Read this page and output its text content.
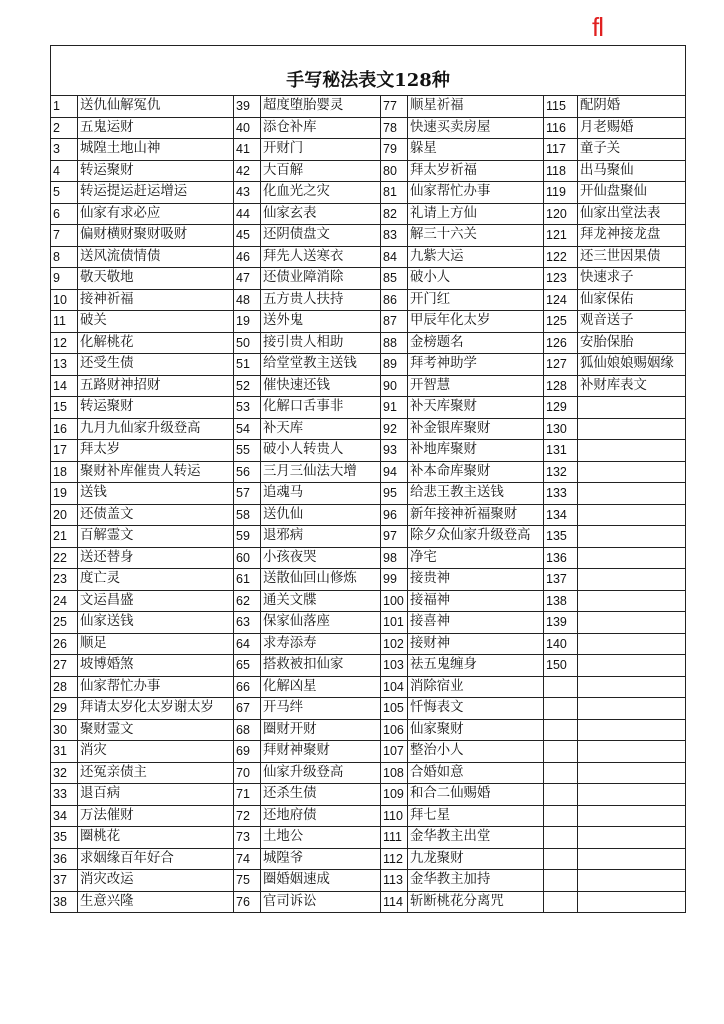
fl
手写秘法表文128种							
1	送仇仙解冤仇	39	超度堕胎婴灵	77	顺星祈福	115	配阴婚
2	五鬼运财	40	添仓补库	78	快速买卖房屋	116	月老赐婚
3	城隍土地山神	41	开财门	79	躲星	117	童子关
4	转运聚财	42	大百解	80	拜太岁祈福	118	出马聚仙
5	转运提运赶运增运	43	化血光之灾	81	仙家帮忙办事	119	开仙盘聚仙
6	仙家有求必应	44	仙家玄表	82	礼请上方仙	120	仙家出堂法表
7	偏财横财聚财吸财	45	还阴债盘文	83	解三十六关	121	拜龙神接龙盘
8	送风流债情债	46	拜先人送寒衣	84	九紫大运	122	还三世因果债
9	敬天敬地	47	还债业障消除	85	破小人	123	快速求子
10	接神祈福	48	五方贵人扶持	86	开门红	124	仙家保佑
11	破关	19	送外鬼	87	甲辰年化太岁	125	观音送子
12	化解桃花	50	接引贵人相助	88	金榜题名	126	安胎保胎
13	还受生债	51	给堂堂教主送钱	89	拜考神助学	127	狐仙娘娘赐姻缘
14	五路财神招财	52	催快速还钱	90	开智慧	128	补财库表文
15	转运聚财	53	化解口舌事非	91	补天库聚财	129	
16	九月九仙家升级登高	54	补天库	92	补金银库聚财	130	
17	拜太岁	55	破小人转贵人	93	补地库聚财	131	
18	聚财补库催贵人转运	56	三月三仙法大增	94	补本命库聚财	132	
19	送钱	57	追魂马	95	给悲王教主送钱	133	
20	还债盖文	58	送仇仙	96	新年接神祈福聚财	134	
21	百解霊文	59	退邪病	97	除夕众仙家升级登高	135	
22	送还替身	60	小孩夜哭	98	净宅	136	
23	度亡灵	61	送散仙回山修炼	99	接贵神	137	
24	文运昌盛	62	通关文牒	100	接福神	138	
25	仙家送钱	63	保家仙落座	101	接喜神	139	
26	顺足	64	求寿添寿	102	接财神	140	
27	坡博婚煞	65	搭救被扣仙家	103	祛五鬼缠身	150	
28	仙家帮忙办事	66	化解凶星	104	消除宿业		
29	拜请太岁化太岁谢太岁	67	开马绊	105	忏悔表文		
30	聚财霊文	68	圈财开财	106	仙家聚财		
31	消灾	69	拜财神聚财	107	整治小人		
32	还冤亲债主	70	仙家升级登高	108	合婚如意		
33	退百病	71	还杀生债	109	和合二仙赐婚		
34	万法催财	72	还地府债	110	拜七星		
35	圈桃花	73	土地公	111	金华教主出堂		
36	求姻缘百年好合	74	城隍爷	112	九龙聚财		
37	消灾改运	75	圈婚姻速成	113	金华教主加持		
38	生意兴隆	76	官司诉讼	114	斩断桃花分离咒		
